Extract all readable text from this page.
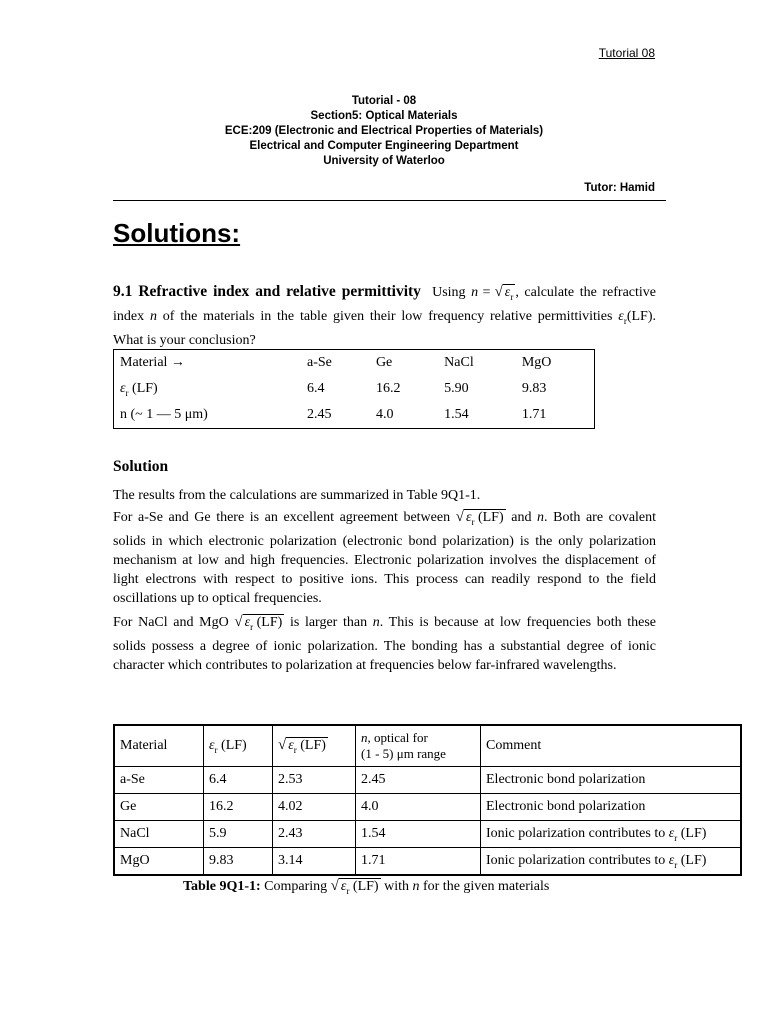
Tutorial 08
Tutorial - 08
Section5: Optical Materials
ECE:209 (Electronic and Electrical Properties of Materials)
Electrical and Computer Engineering Department
University of Waterloo
Tutor: Hamid
Solutions:

9.1 Refractive index and relative permittivity Using n = √ $\varepsilon_r$ , calculate the refractive index n of the materials in the table given their low frequency relative permittivities $\varepsilon_r(LF)$. What is your conclusion?

Material →	a-Se	Ge	NaCl	MgO
$\varepsilon_r$ (LF)	6.4	16.2	5.90	9.83
n (~ 1 — 5 μm)	2.45	4.0	1.54	1.71
Solution

The results from the calculations are summarized in Table 9Q1-1.

For a-Se and Ge there is an excellent agreement between √ $\varepsilon_r$ (LF) and n. Both are covalent solids in which electronic polarization (electronic bond polarization) is the only polarization mechanism at low and high frequencies. Electronic polarization involves the displacement of light electrons with respect to positive ions. This process can readily respond to the field oscillations up to optical frequencies.

For NaCl and MgO √ $\varepsilon_r$ (LF) is larger than n. This is because at low frequencies both these solids possess a degree of ionic polarization. The bonding has a substantial degree of ionic character which contributes to polarization at frequencies below far-infrared wavelengths.

Material	$\varepsilon_r$ (LF)	√ $\varepsilon_r$ (LF)	n, optical for
(1 - 5) μm range	Comment
a-Se	6.4	2.53	2.45	Electronic bond polarization
Ge	16.2	4.02	4.0	Electronic bond polarization
NaCl	5.9	2.43	1.54	Ionic polarization contributes to $\varepsilon_r$ (LF)
MgO	9.83	3.14	1.71	Ionic polarization contributes to $\varepsilon_r$ (LF)
Table 9Q1-1: Comparing √ $\varepsilon_r$ (LF) with n for the given materials
